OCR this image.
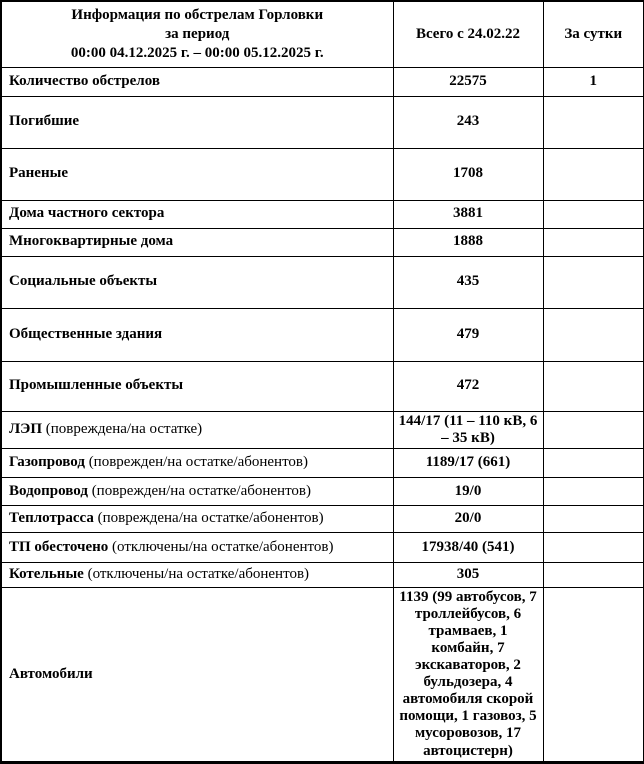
Информация по обстрелам Горловки
за период
00:00 04.12.2025 г. – 00:00 05.12.2025 г.	Всего с 24.02.22	За сутки
Количество обстрелов	22575	1
Погибшие	243	
Раненые	1708	
Дома частного сектора	3881	
Многоквартирные дома	1888	
Социальные объекты	435	
Общественные здания	479	
Промышленные объекты	472	
ЛЭП (повреждена/на остатке)	144/17 (11 – 110 кВ, 6 – 35 кВ)	
Газопровод (поврежден/на остатке/абонентов)	1189/17 (661)	
Водопровод (поврежден/на остатке/абонентов)	19/0	
Теплотрасса (повреждена/на остатке/абонентов)	20/0	
ТП обесточено (отключены/на остатке/абонентов)	17938/40 (541)	
Котельные (отключены/на остатке/абонентов)	305	
Автомобили	1139 (99 автобусов, 7 троллейбусов, 6 трамваев, 1 комбайн, 7 экскаваторов, 2 бульдозера, 4 автомобиля скорой помощи, 1 газовоз, 5 мусоровозов, 17 автоцистерн)	
